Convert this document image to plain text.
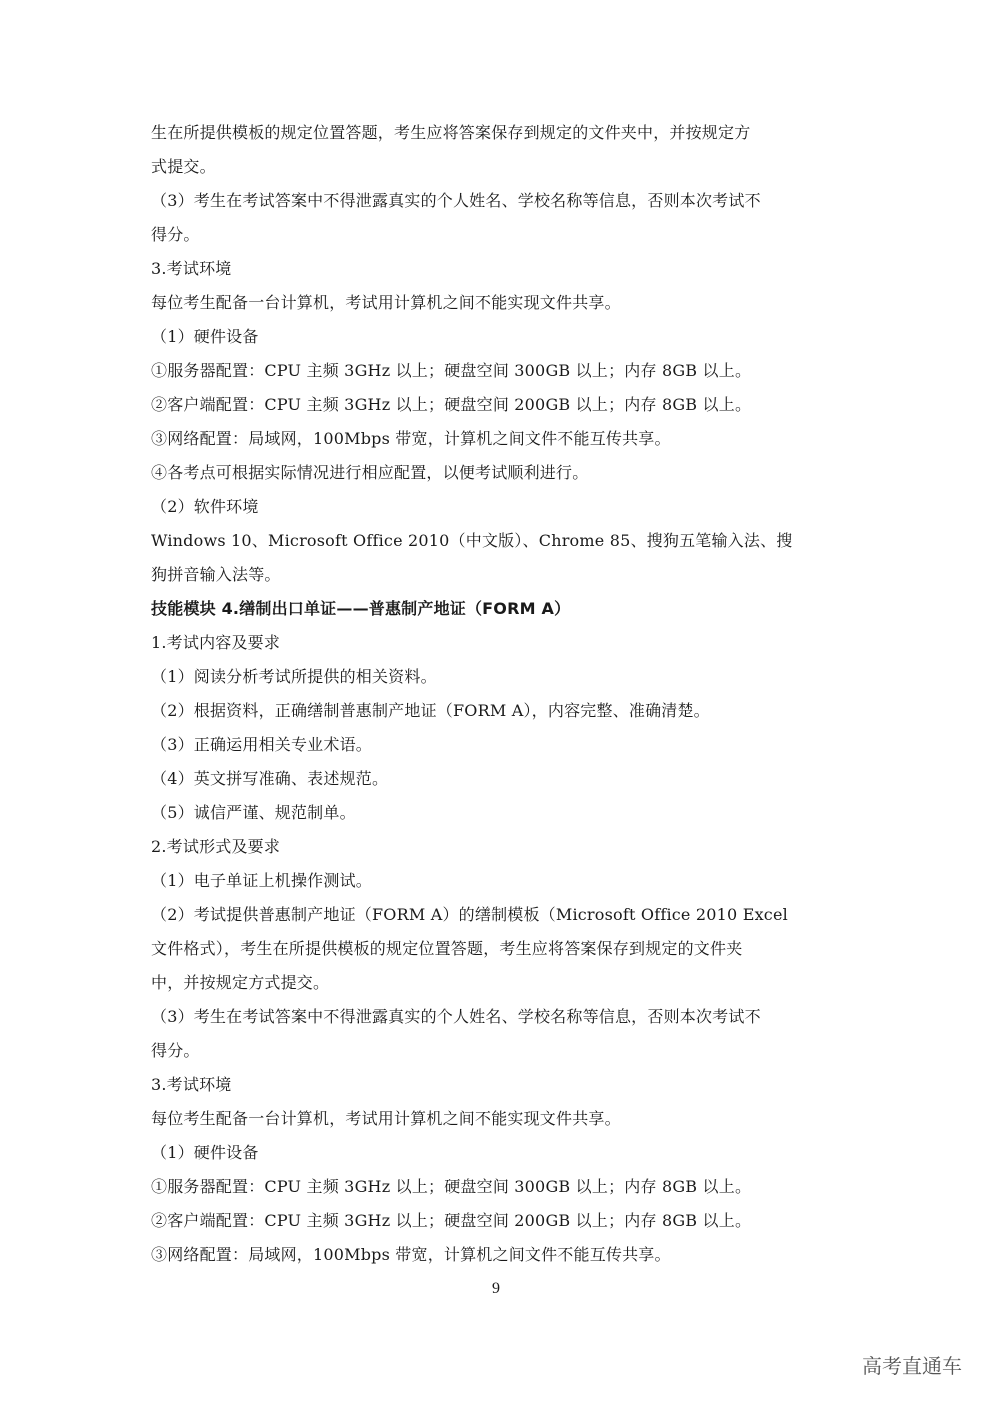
生在所提供模板的规定位置答题，考生应将答案保存到规定的文件夹中，并按规定方
式提交。
（3）考生在考试答案中不得泄露真实的个人姓名、学校名称等信息，否则本次考试不
得分。
3.考试环境
每位考生配备一台计算机，考试用计算机之间不能实现文件共享。
（1）硬件设备
①服务器配置：CPU 主频 3GHz 以上；硬盘空间 300GB 以上；内存 8GB 以上。
②客户端配置：CPU 主频 3GHz 以上；硬盘空间 200GB 以上；内存 8GB 以上。
③网络配置：局域网，100Mbps 带宽，计算机之间文件不能互传共享。
④各考点可根据实际情况进行相应配置，以便考试顺利进行。
（2）软件环境
Windows 10、Microsoft Office 2010（中文版）、Chrome 85、搜狗五笔输入法、搜
狗拼音输入法等。
技能模块 4.缮制出口单证——普惠制产地证（FORM A）
1.考试内容及要求
（1）阅读分析考试所提供的相关资料。
（2）根据资料，正确缮制普惠制产地证（FORM A），内容完整、准确清楚。
（3）正确运用相关专业术语。
（4）英文拼写准确、表述规范。
（5）诚信严谨、规范制单。
2.考试形式及要求
（1）电子单证上机操作测试。
（2）考试提供普惠制产地证（FORM A）的缮制模板（Microsoft Office 2010 Excel
文件格式），考生在所提供模板的规定位置答题，考生应将答案保存到规定的文件夹
中，并按规定方式提交。
（3）考生在考试答案中不得泄露真实的个人姓名、学校名称等信息，否则本次考试不
得分。
3.考试环境
每位考生配备一台计算机，考试用计算机之间不能实现文件共享。
（1）硬件设备
①服务器配置：CPU 主频 3GHz 以上；硬盘空间 300GB 以上；内存 8GB 以上。
②客户端配置：CPU 主频 3GHz 以上；硬盘空间 200GB 以上；内存 8GB 以上。
③网络配置：局域网，100Mbps 带宽，计算机之间文件不能互传共享。
9
高考直通车
